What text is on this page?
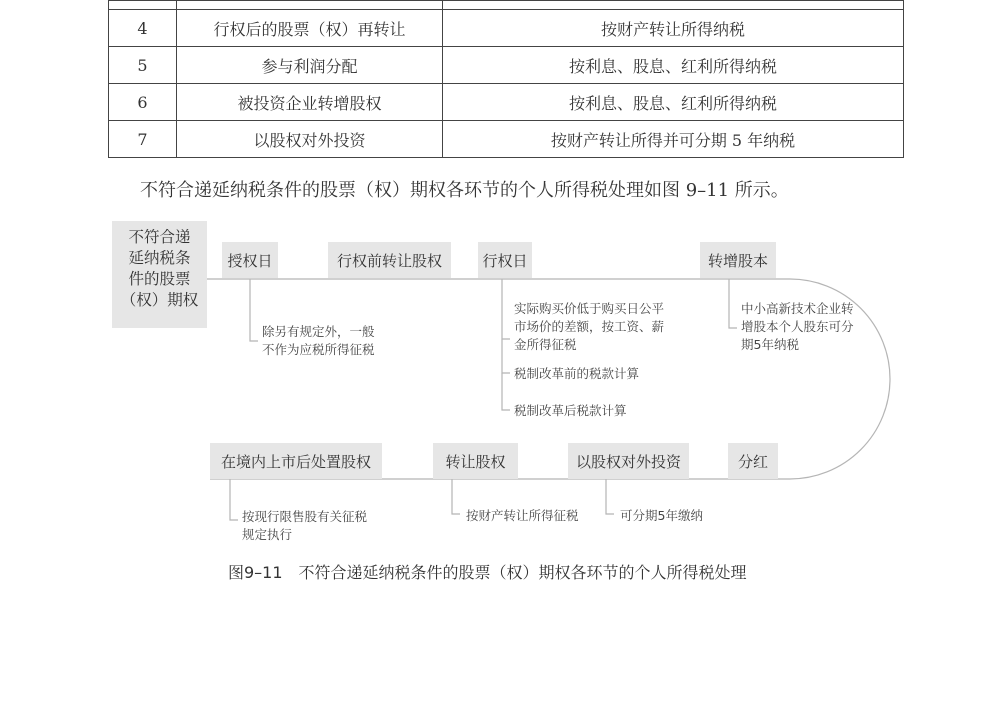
4	行权后的股票（权）再转让	按财产转让所得纳税
5	参与利润分配	按利息、股息、红利所得纳税
6	被投资企业转增股权	按利息、股息、红利所得纳税
7	以股权对外投资	按财产转让所得并可分期 5 年纳税
不符合递延纳税条件的股票（权）期权各环节的个人所得税处理如图 9–11 所示。
不符合递
延纳税条
件的股票
（权）期权
授权日	行权前转让股权	行权日	转增股本
在境内上市后处置股权	转让股权	以股权对外投资	分红
除另有规定外，一般
不作为应税所得征税
实际购买价低于购买日公平
市场价的差额，按工资、薪
金所得征税
税制改革前的税款计算
税制改革后税款计算
中小高新技术企业转
增股本个人股东可分
期5年纳税
按现行限售股有关征税
规定执行
按财产转让所得征税	可分期5年缴纳
图9–11　不符合递延纳税条件的股票（权）期权各环节的个人所得税处理
